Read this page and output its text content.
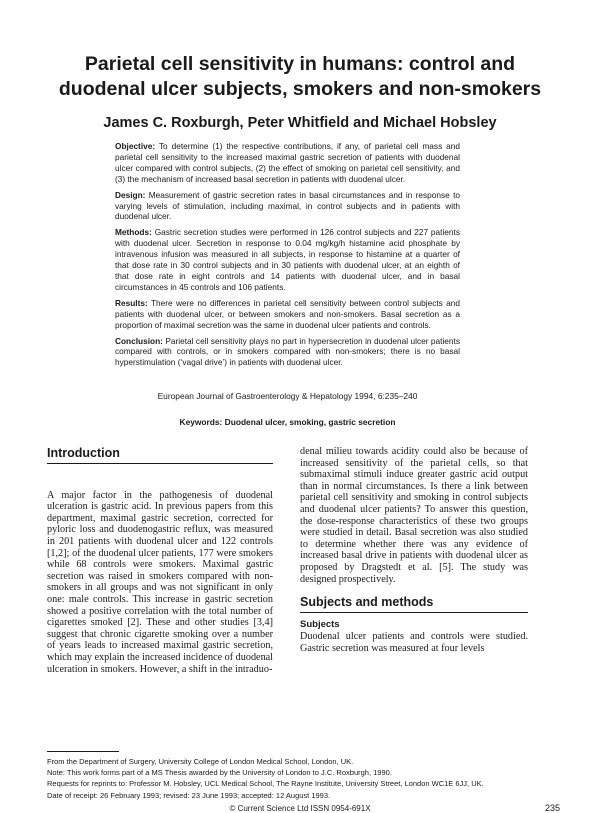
Parietal cell sensitivity in humans: control and duodenal ulcer subjects, smokers and non-smokers
James C. Roxburgh, Peter Whitfield and Michael Hobsley

Objective: To determine (1) the respective contributions, if any, of parietal cell mass and parietal cell sensitivity to the increased maximal gastric secretion of patients with duodenal ulcer compared with control subjects, (2) the effect of smoking on parietal cell sensitivity, and (3) the mechanism of increased basal secretion in patients with duodenal ulcer.

Design: Measurement of gastric secretion rates in basal circumstances and in response to varying levels of stimulation, including maximal, in control subjects and in patients with duodenal ulcer.

Methods: Gastric secretion studies were performed in 126 control subjects and 227 patients with duodenal ulcer. Secretion in response to 0.04 mg/kg/h histamine acid phosphate by intravenous infusion was measured in all subjects, in response to histamine at a quarter of that dose rate in 30 control subjects and in 30 patients with duodenal ulcer, at an eighth of that dose rate in eight controls and 14 patients with duodenal ulcer, and in basal circumstances in 45 controls and 106 patients.

Results: There were no differences in parietal cell sensitivity between control subjects and patients with duodenal ulcer, or between smokers and non-smokers. Basal secretion as a proportion of maximal secretion was the same in duodenal ulcer patients and controls.

Conclusion: Parietal cell sensitivity plays no part in hypersecretion in duodenal ulcer patients compared with controls, or in smokers compared with non-smokers; there is no basal hyperstimulation (‘vagal drive’) in patients with duodenal ulcer.

European Journal of Gastroenterology & Hepatology 1994, 6:235–240
Keywords: Duodenal ulcer, smoking, gastric secretion
Introduction

A major factor in the pathogenesis of duodenal ulceration is gastric acid. In previous papers from this department, maximal gastric secretion, corrected for pyloric loss and duodenogastric reflux, was measured in 201 patients with duodenal ulcer and 122 controls [1,2]; of the duodenal ulcer patients, 177 were smokers while 68 controls were smokers. Maximal gastric secretion was raised in smokers compared with non-smokers in all groups and was not significant in only one: male controls. This increase in gastric secretion showed a positive correlation with the total number of cigarettes smoked [2]. These and other studies [3,4] suggest that chronic cigarette smoking over a number of years leads to increased maximal gastric secretion, which may explain the increased incidence of duodenal ulceration in smokers. However, a shift in the intraduo-

denal milieu towards acidity could also be because of increased sensitivity of the parietal cells, so that submaximal stimuli induce greater gastric acid output than in normal circumstances. Is there a link between parietal cell sensitivity and smoking in control subjects and duodenal ulcer patients? To answer this question, the dose-response characteristics of these two groups were studied in detail. Basal secretion was also studied to determine whether there was any evidence of increased basal drive in patients with duodenal ulcer as proposed by Dragstedt et al. [5]. The study was designed prospectively.

Subjects and methods
Subjects

Duodenal ulcer patients and controls were studied. Gastric secretion was measured at four levels

From the Department of Surgery, University College of London Medical School, London, UK.

Note: This work forms part of a MS Thesis awarded by the University of London to J.C. Roxburgh, 1990.

Requests for reprints to: Professor M. Hobsley, UCL Medical School, The Rayne Institute, University Street, London WC1E 6JJ, UK.

Date of receipt: 26 February 1993; revised: 23 June 1993; accepted: 12 August 1993.

© Current Science Ltd ISSN 0954-691X	235
